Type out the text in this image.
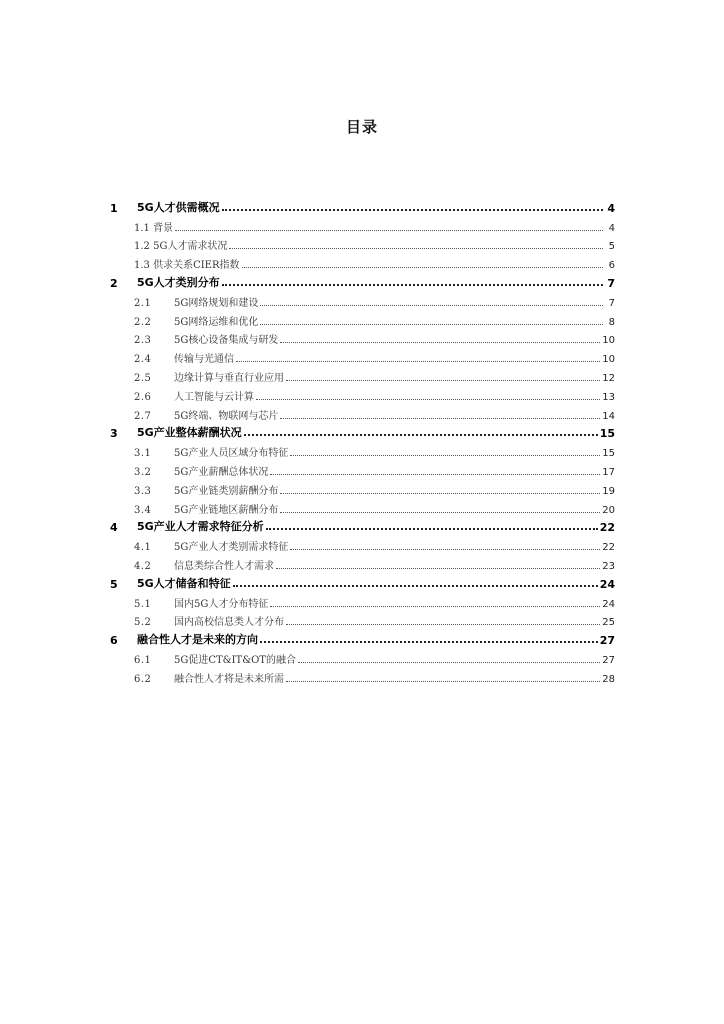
目录
1	5G人才供需概况	4
1.1 背景	4
1.2 5G人才需求状况	5
1.3 供求关系CIER指数	6
2	5G人才类别分布	7
2.1	5G网络规划和建设	7
2.2	5G网络运维和优化	8
2.3	5G核心设备集成与研发	10
2.4	传输与光通信	10
2.5	边缘计算与垂直行业应用	12
2.6	人工智能与云计算	13
2.7	5G终端、物联网与芯片	14
3	5G产业整体薪酬状况	15
3.1	5G产业人员区域分布特征	15
3.2	5G产业薪酬总体状况	17
3.3	5G产业链类别薪酬分布	19
3.4	5G产业链地区薪酬分布	20
4	5G产业人才需求特征分析	22
4.1	5G产业人才类别需求特征	22
4.2	信息类综合性人才需求	23
5	5G人才储备和特征	24
5.1	国内5G人才分布特征	24
5.2	国内高校信息类人才分布	25
6	融合性人才是未来的方向	27
6.1	5G促进CT&IT&OT的融合	27
6.2	融合性人才将是未来所需	28
